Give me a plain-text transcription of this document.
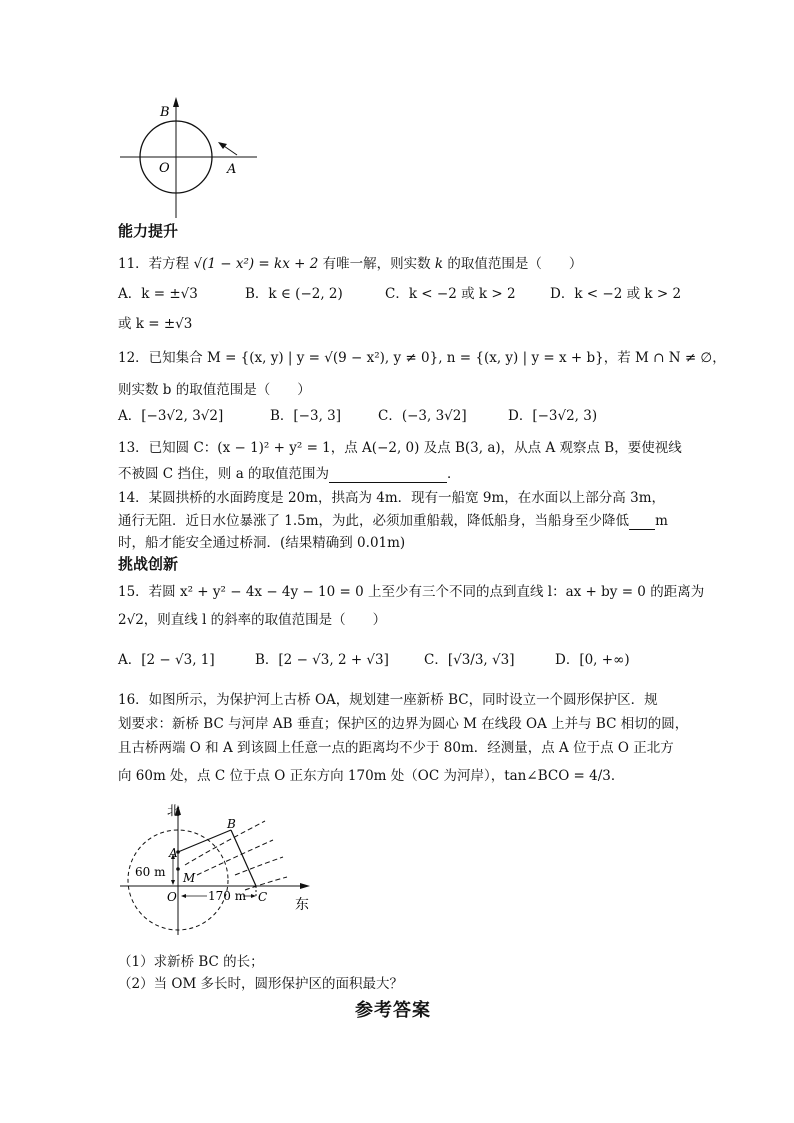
B
O	A
能力提升
11．若方程 √(1 − x²) = kx + 2 有唯一解，则实数 k 的取值范围是（　　）
A．k = ±√3	B．k ∈ (−2, 2)	C．k < −2 或 k > 2	D．k < −2 或 k > 2
或 k = ±√3
12．已知集合 M = {(x, y) | y = √(9 − x²), y ≠ 0}, n = {(x, y) | y = x + b}，若 M ∩ N ≠ ∅，
则实数 b 的取值范围是（　　）
A．[−3√2, 3√2]	B．[−3, 3]	C．(−3, 3√2]	D．[−3√2, 3)
13．已知圆 C：(x − 1)² + y² = 1，点 A(−2, 0) 及点 B(3, a)，从点 A 观察点 B，要使视线
不被圆 C 挡住，则 a 的取值范围为	．
14．某圆拱桥的水面跨度是 20m，拱高为 4m．现有一船宽 9m，在水面以上部分高 3m，
通行无阻．近日水位暴涨了 1.5m，为此，必须加重船载，降低船身，当船身至少降低 m
时，船才能安全通过桥洞．(结果精确到 0.01m)
挑战创新
15．若圆 x² + y² − 4x − 4y − 10 = 0 上至少有三个不同的点到直线 l：ax + by = 0 的距离为
2√2，则直线 l 的斜率的取值范围是（　　）
A．[2 − √3, 1]	B．[2 − √3, 2 + √3]	C．[√3/3, √3]	D．[0, +∞)
16．如图所示，为保护河上古桥 OA，规划建一座新桥 BC，同时设立一个圆形保护区．规
划要求：新桥 BC 与河岸 AB 垂直；保护区的边界为圆心 M 在线段 OA 上并与 BC 相切的圆，
且古桥两端 O 和 A 到该圆上任意一点的距离均不少于 80m．经测量，点 A 位于点 O 正北方
向 60m 处，点 C 位于点 O 正东方向 170m 处（OC 为河岸），tan∠BCO = 4/3．
北
东
B
A
M
O	C
60 m
170 m
（1）求新桥 BC 的长；
（2）当 OM 多长时，圆形保护区的面积最大？
参考答案
